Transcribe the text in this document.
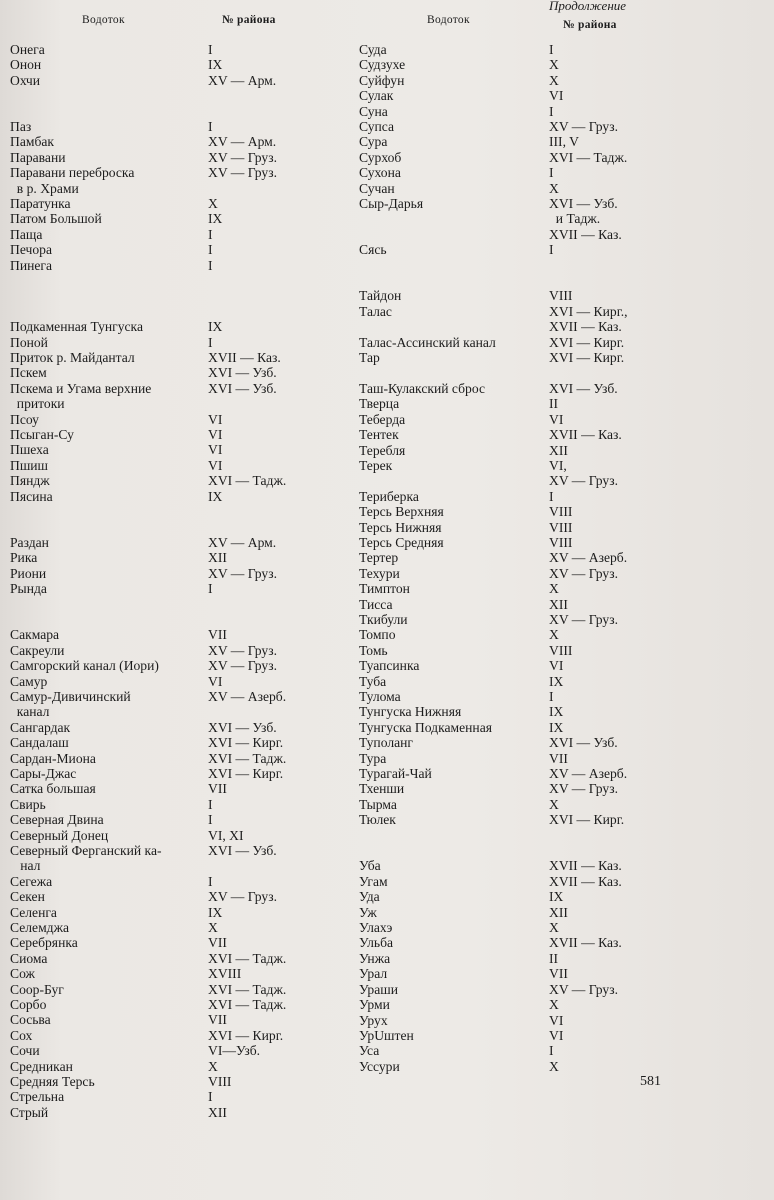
Водоток	№ района	Водоток	№ района
Продолжение
Онега	I
Онон	IX
Охчи	XV — Арм.
Паз	I
Памбак	XV — Арм.
Паравани	XV — Груз.
Паравани переброска	XV — Груз.
в р. Храми
Паратунка	X
Патом Большой	IX
Паща	I
Печора	I
Пинега	I
Подкаменная Тунгуска	IX
Поной	I
Приток р. Майдантал	XVII — Каз.
Пскем	XVI — Узб.
Пскема и Угама верхние	XVI — Узб.
притоки
Псоу	VI
Псыган-Су	VI
Пшеха	VI
Пшиш	VI
Пяндж	XVI — Тадж.
Пясина	IX
Раздан	XV — Арм.
Рика	XII
Риони	XV — Груз.
Рында	I
Сакмара	VII
Сакреули	XV — Груз.
Самгорский канал (Иори)	XV — Груз.
Самур	VI
Самур-Дивичинский	XV — Азерб.
канал
Сангардак	XVI — Узб.
Сандалаш	XVI — Кирг.
Сардан-Миона	XVI — Тадж.
Сары-Джас	XVI — Кирг.
Сатка большая	VII
Свирь	I
Северная Двина	I
Северный Донец	VI, XI
Северный Ферганский ка-	XVI — Узб.
нал
Сегежа	I
Секен	XV — Груз.
Селенга	IX
Селемджа	X
Серебрянка	VII
Сиома	XVI — Тадж.
Сож	XVIII
Соор-Буг	XVI — Тадж.
Сорбо	XVI — Тадж.
Сосьва	VII
Сох	XVI — Кирг.
Сочи	VI—Узб.
Средникан	X
Средняя Терсь	VIII
Стрельна	I
Стрый	XII
Суда	I
Судзухе	X
Суйфун	X
Сулак	VI
Суна	I
Супса	XV — Груз.
Сура	III, V
Сурхоб	XVI — Тадж.
Сухона	I
Сучан	X
Сыр-Дарья	XVI — Узб.
и Тадж.
XVII — Каз.
Сясь	I
Тайдон	VIII
Талас	XVI — Кирг.,
XVII — Каз.
Талас-Ассинский канал	XVI — Кирг.
Тар	XVI — Кирг.
Таш-Кулакский сброс	XVI — Узб.
Тверца	II
Теберда	VI
Тентек	XVII — Каз.
Теребля	XII
Терек	VI,
XV — Груз.
Териберка	I
Терсь Верхняя	VIII
Терсь Нижняя	VIII
Терсь Средняя	VIII
Тертер	XV — Азерб.
Техури	XV — Груз.
Тимптон	X
Тисса	XII
Ткибули	XV — Груз.
Томпо	X
Томь	VIII
Туапсинка	VI
Туба	IX
Тулома	I
Тунгуска Нижняя	IX
Тунгуска Подкаменная	IX
Туполанг	XVI — Узб.
Тура	VII
Турагай-Чай	XV — Азерб.
Тхенши	XV — Груз.
Тырма	X
Тюлек	XVI — Кирг.
Уба	XVII — Каз.
Угам	XVII — Каз.
Уда	IX
Уж	XII
Улахэ	X
Ульба	XVII — Каз.
Унжа	II
Урал	VII
Ураши	XV — Груз.
Урми	X
Урух	VI
УрUштен	VI
Уса	I
Уссури	X
581
